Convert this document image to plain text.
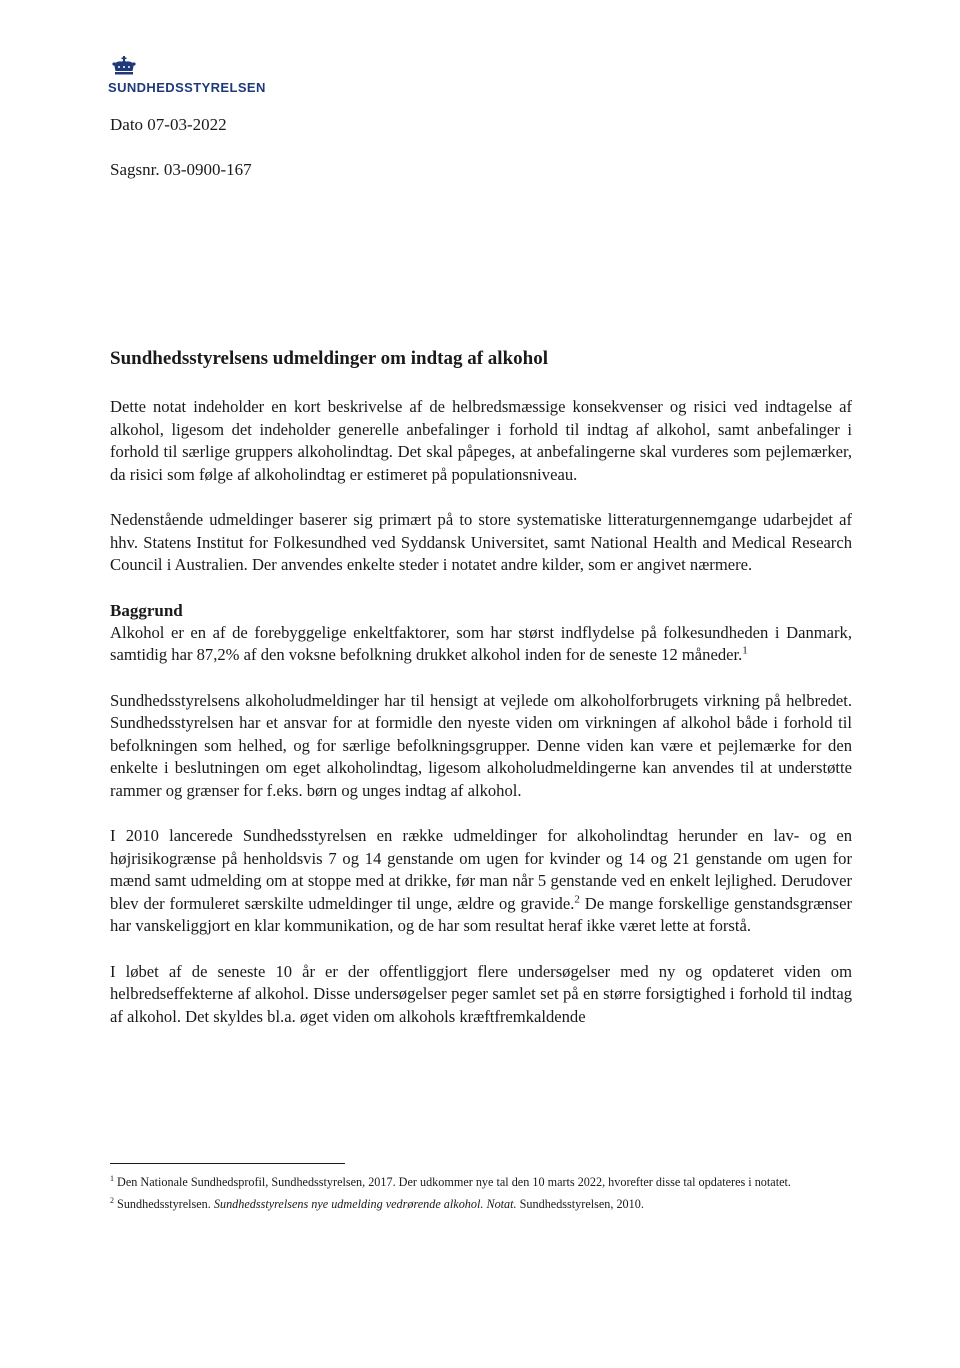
SUNDHEDSSTYRELSEN
Dato 07-03-2022
Sagsnr. 03-0900-167
Sundhedsstyrelsens udmeldinger om indtag af alkohol

Dette notat indeholder en kort beskrivelse af de helbredsmæssige konsekvenser og risici ved indtagelse af alkohol, ligesom det indeholder generelle anbefalinger i forhold til indtag af alkohol, samt anbefalinger i forhold til særlige gruppers alkoholindtag. Det skal påpeges, at anbefalingerne skal vurderes som pejlemærker, da risici som følge af alkoholindtag er estimeret på populationsniveau.

Nedenstående udmeldinger baserer sig primært på to store systematiske litteraturgennemgange udarbejdet af hhv. Statens Institut for Folkesundhed ved Syddansk Universitet, samt National Health and Medical Research Council i Australien. Der anvendes enkelte steder i notatet andre kilder, som er angivet nærmere.

Baggrund

Alkohol er en af de forebyggelige enkeltfaktorer, som har størst indflydelse på folkesundheden i Danmark, samtidig har 87,2% af den voksne befolkning drukket alkohol inden for de seneste 12 måneder.$^1$

Sundhedsstyrelsens alkoholudmeldinger har til hensigt at vejlede om alkoholforbrugets virkning på helbredet. Sundhedsstyrelsen har et ansvar for at formidle den nyeste viden om virkningen af alkohol både i forhold til befolkningen som helhed, og for særlige befolkningsgrupper. Denne viden kan være et pejlemærke for den enkelte i beslutningen om eget alkoholindtag, ligesom alkoholudmeldingerne kan anvendes til at understøtte rammer og grænser for f.eks. børn og unges indtag af alkohol.

I 2010 lancerede Sundhedsstyrelsen en række udmeldinger for alkoholindtag herunder en lav- og en højrisikogrænse på henholdsvis 7 og 14 genstande om ugen for kvinder og 14 og 21 genstande om ugen for mænd samt udmelding om at stoppe med at drikke, før man når 5 genstande ved en enkelt lejlighed. Derudover blev der formuleret særskilte udmeldinger til unge, ældre og gravide.$^2$ De mange forskellige genstandsgrænser har vanskeliggjort en klar kommunikation, og de har som resultat heraf ikke været lette at forstå.

I løbet af de seneste 10 år er der offentliggjort flere undersøgelser med ny og opdateret viden om helbredseffekterne af alkohol. Disse undersøgelser peger samlet set på en større forsigtighed i forhold til indtag af alkohol. Det skyldes bl.a. øget viden om alkohols kræftfremkaldende

$^1$ Den Nationale Sundhedsprofil, Sundhedsstyrelsen, 2017. Der udkommer nye tal den 10 marts 2022, hvorefter disse tal opdateres i notatet.
$^2$ Sundhedsstyrelsen. Sundhedsstyrelsens nye udmelding vedrørende alkohol. Notat. Sundhedsstyrelsen, 2010.
